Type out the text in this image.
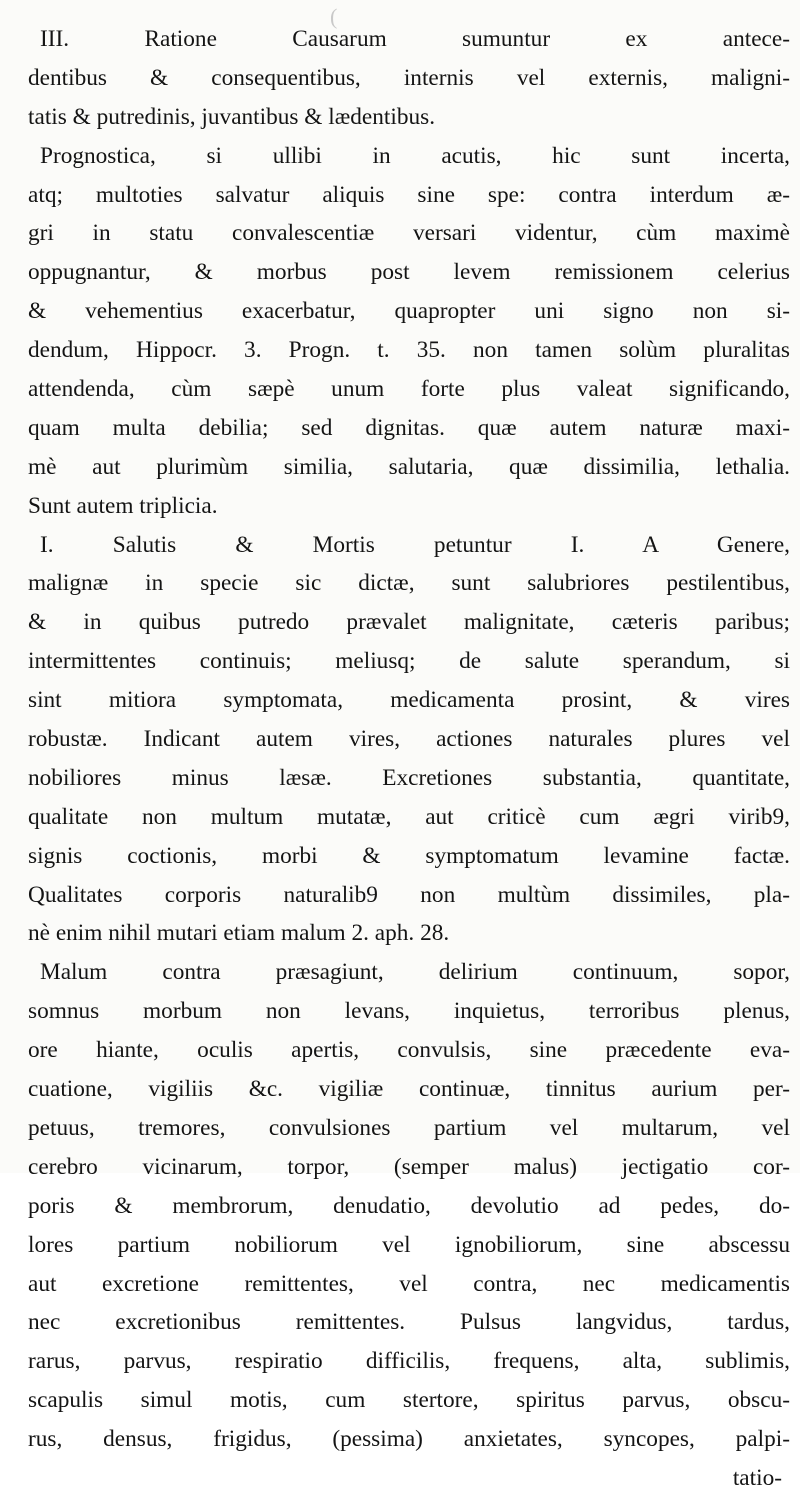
(
III. Ratione Causarum sumuntur ex antece-
dentibus & consequentibus, internis vel externis, maligni-
tatis & putredinis, juvantibus & lædentibus.
Prognostica, si ullibi in acutis, hic sunt incerta,
atq; multoties salvatur aliquis sine spe: contra interdum æ-
gri in statu convalescentiæ versari videntur, cùm maximè
oppugnantur, & morbus post levem remissionem celerius
& vehementius exacerbatur, quapropter uni signo non si-
dendum, Hippocr. 3. Progn. t. 35. non tamen solùm pluralitas
attendenda, cùm sæpè unum forte plus valeat significando,
quam multa debilia; sed dignitas. quæ autem naturæ maxi-
mè aut plurimùm similia, salutaria, quæ dissimilia, lethalia.
Sunt autem triplicia.
I. Salutis & Mortis petuntur I. A Genere,
malignæ in specie sic dictæ, sunt salubriores pestilentibus,
& in quibus putredo prævalet malignitate, cæteris paribus;
intermittentes continuis; meliusq; de salute sperandum, si
sint mitiora symptomata, medicamenta prosint, & vires
robustæ. Indicant autem vires, actiones naturales plures vel
nobiliores minus læsæ. Excretiones substantia, quantitate,
qualitate non multum mutatæ, aut criticè cum ægri virib9,
signis coctionis, morbi & symptomatum levamine factæ.
Qualitates corporis naturalib9 non multùm dissimiles, pla-
nè enim nihil mutari etiam malum 2. aph. 28.
Malum contra præsagiunt, delirium continuum, sopor,
somnus morbum non levans, inquietus, terroribus plenus,
ore hiante, oculis apertis, convulsis, sine præcedente eva-
cuatione, vigiliis &c. vigiliæ continuæ, tinnitus aurium per-
petuus, tremores, convulsiones partium vel multarum, vel
cerebro vicinarum, torpor, (semper malus) jectigatio cor-
poris & membrorum, denudatio, devolutio ad pedes, do-
lores partium nobiliorum vel ignobiliorum, sine abscessu
aut excretione remittentes, vel contra, nec medicamentis
nec excretionibus remittentes. Pulsus langvidus, tardus,
rarus, parvus, respiratio difficilis, frequens, alta, sublimis,
scapulis simul motis, cum stertore, spiritus parvus, obscu-
rus, densus, frigidus, (pessima) anxietates, syncopes, palpi-
tatio-
